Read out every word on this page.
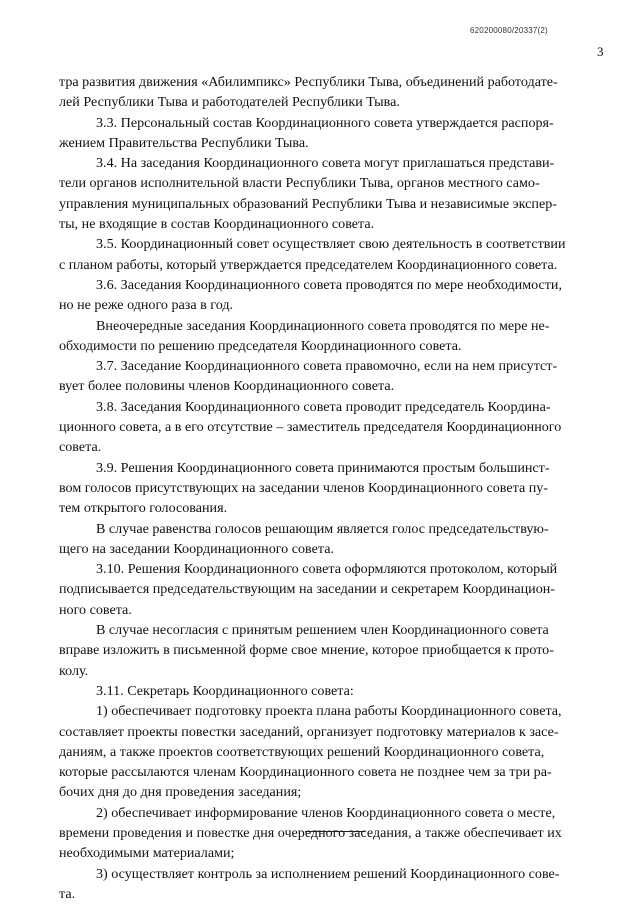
620200080/20337(2)
3

тра развития движения «Абилимпикс» Республики Тыва, объединений работодате-
лей Республики Тыва и работодателей Республики Тыва.

3.3. Персональный состав Координационного совета утверждается распоря-
жением Правительства Республики Тыва.

3.4. На заседания Координационного совета могут приглашаться представи-
тели органов исполнительной власти Республики Тыва, органов местного само-
управления муниципальных образований Республики Тыва и независимые экспер-
ты, не входящие в состав Координационного совета.

3.5. Координационный совет осуществляет свою деятельность в соответствии
с планом работы, который утверждается председателем Координационного совета.

3.6. Заседания Координационного совета проводятся по мере необходимости,
но не реже одного раза в год.

Внеочередные заседания Координационного совета проводятся по мере не-
обходимости по решению председателя Координационного совета.

3.7. Заседание Координационного совета правомочно, если на нем присутст-
вует более половины членов Координационного совета.

3.8. Заседания Координационного совета проводит председатель Координа-
ционного совета, а в его отсутствие – заместитель председателя Координационного
совета.

3.9. Решения Координационного совета принимаются простым большинст-
вом голосов присутствующих на заседании членов Координационного совета пу-
тем открытого голосования.

В случае равенства голосов решающим является голос председательствую-
щего на заседании Координационного совета.

3.10. Решения Координационного совета оформляются протоколом, который
подписывается председательствующим на заседании и секретарем Координацион-
ного совета.

В случае несогласия с принятым решением член Координационного совета
вправе изложить в письменной форме свое мнение, которое приобщается к прото-
колу.

3.11. Секретарь Координационного совета:

1) обеспечивает подготовку проекта плана работы Координационного совета,
составляет проекты повестки заседаний, организует подготовку материалов к засе-
даниям, а также проектов соответствующих решений Координационного совета,
которые рассылаются членам Координационного совета не позднее чем за три ра-
бочих дня до дня проведения заседания;

2) обеспечивает информирование членов Координационного совета о месте,
времени проведения и повестке дня очередного заседания, а также обеспечивает их
необходимыми материалами;

3) осуществляет контроль за исполнением решений Координационного сове-
та.
